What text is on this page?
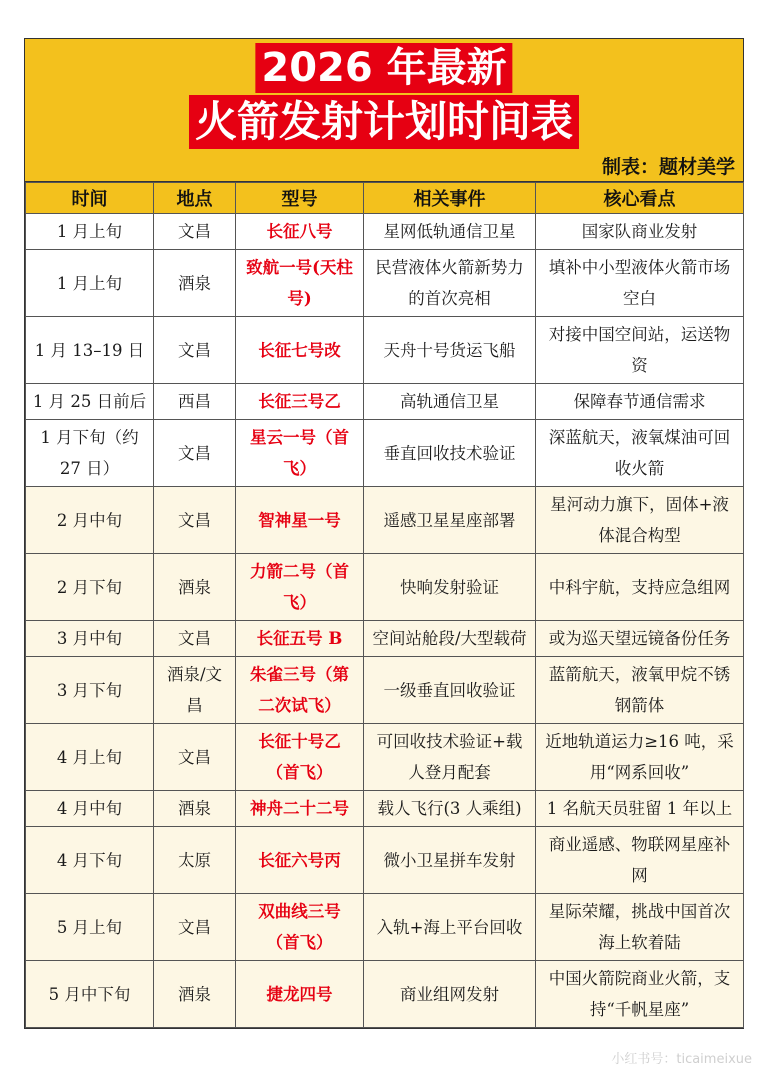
2026 年最新
火箭发射计划时间表
制表：题材美学
时间	地点	型号	相关事件	核心看点
1 月上旬	文昌	长征八号	星网低轨通信卫星	国家队商业发射
1 月上旬	酒泉	致航一号(天柱号)	民营液体火箭新势力的首次亮相	填补中小型液体火箭市场空白
1 月 13–19 日	文昌	长征七号改	天舟十号货运飞船	对接中国空间站，运送物资
1 月 25 日前后	西昌	长征三号乙	高轨通信卫星	保障春节通信需求
1 月下旬（约 27 日）	文昌	星云一号（首飞）	垂直回收技术验证	深蓝航天，液氧煤油可回收火箭
2 月中旬	文昌	智神星一号	遥感卫星星座部署	星河动力旗下，固体+液体混合构型
2 月下旬	酒泉	力箭二号（首飞）	快响发射验证	中科宇航，支持应急组网
3 月中旬	文昌	长征五号 B	空间站舱段/大型载荷	或为巡天望远镜备份任务
3 月下旬	酒泉/文昌	朱雀三号（第二次试飞）	一级垂直回收验证	蓝箭航天，液氧甲烷不锈钢箭体
4 月上旬	文昌	长征十号乙（首飞）	可回收技术验证+载人登月配套	近地轨道运力≥16 吨，采用“网系回收”
4 月中旬	酒泉	神舟二十二号	载人飞行(3 人乘组)	1 名航天员驻留 1 年以上
4 月下旬	太原	长征六号丙	微小卫星拼车发射	商业遥感、物联网星座补网
5 月上旬	文昌	双曲线三号（首飞）	入轨+海上平台回收	星际荣耀，挑战中国首次海上软着陆
5 月中下旬	酒泉	捷龙四号	商业组网发射	中国火箭院商业火箭，支持“千帆星座”
小红书号：ticaimeixue
